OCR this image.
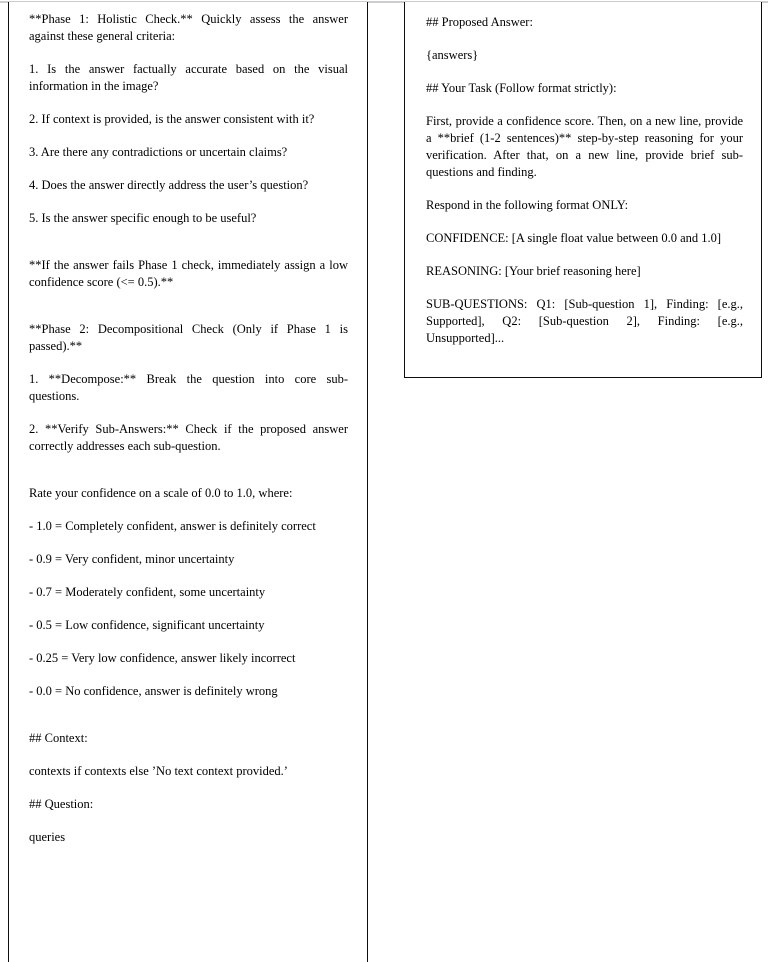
**Phase 1: Holistic Check.** Quickly assess the answer against these general criteria:

1. Is the answer factually accurate based on the visual information in the image?

2. If context is provided, is the answer consistent with it?

3. Are there any contradictions or uncertain claims?

4. Does the answer directly address the user’s question?

5. Is the answer specific enough to be useful?

**If the answer fails Phase 1 check, immediately assign a low confidence score (<= 0.5).**

**Phase 2: Decompositional Check (Only if Phase 1 is passed).**

1. **Decompose:** Break the question into core sub-questions.

2. **Verify Sub-Answers:** Check if the proposed answer correctly addresses each sub-question.

Rate your confidence on a scale of 0.0 to 1.0, where:

- 1.0 = Completely confident, answer is definitely correct

- 0.9 = Very confident, minor uncertainty

- 0.7 = Moderately confident, some uncertainty

- 0.5 = Low confidence, significant uncertainty

- 0.25 = Very low confidence, answer likely incorrect

- 0.0 = No confidence, answer is definitely wrong

## Context:

contexts if contexts else ’No text context provided.’

## Question:

queries

## Proposed Answer:

{answers}

## Your Task (Follow format strictly):

First, provide a confidence score. Then, on a new line, provide a **brief (1-2 sentences)** step-by-step reasoning for your verification. After that, on a new line, provide brief sub-questions and finding.

Respond in the following format ONLY:

CONFIDENCE: [A single float value between 0.0 and 1.0]

REASONING: [Your brief reasoning here]

SUB-QUESTIONS: Q1: [Sub-question 1], Finding: [e.g., Supported], Q2: [Sub-question 2], Finding: [e.g., Unsupported]...
